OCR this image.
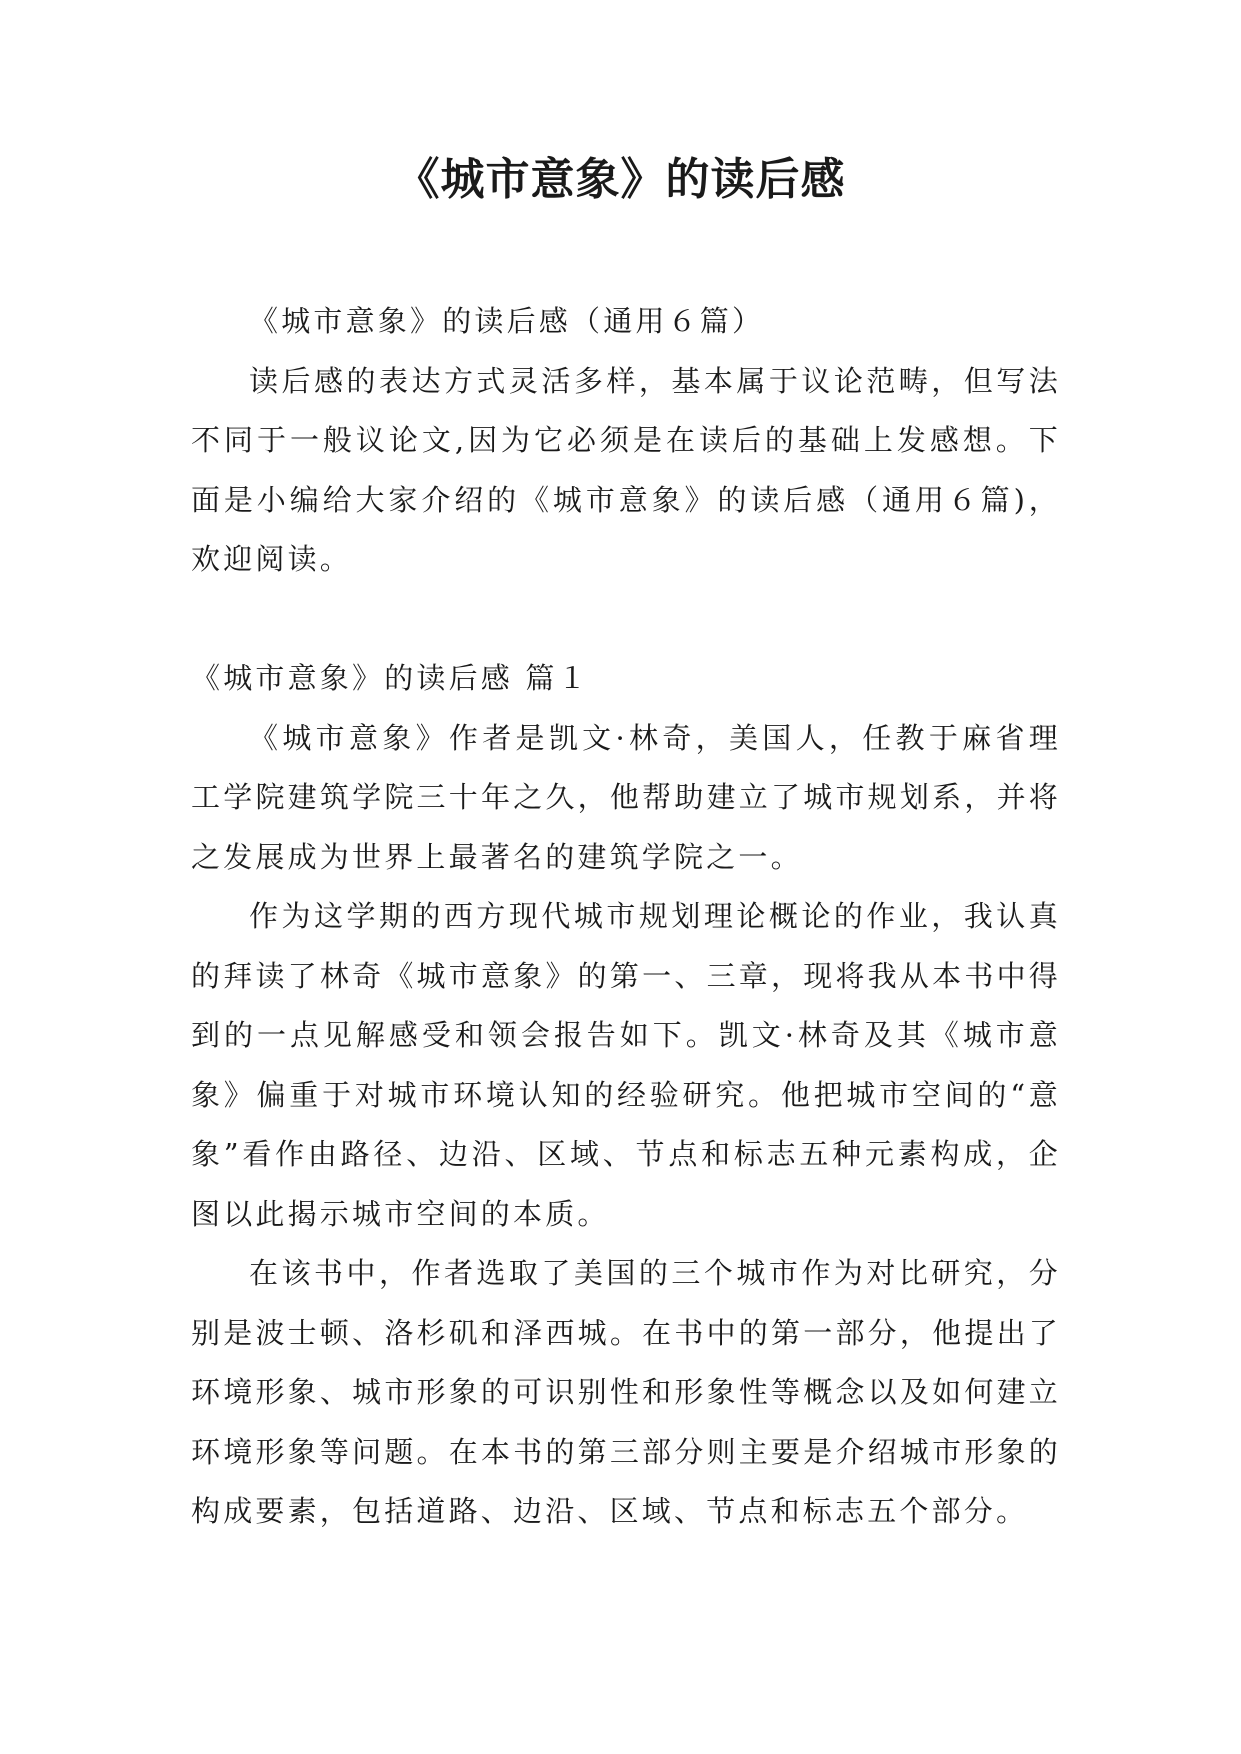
《城市意象》的读后感

《城市意象》的读后感（通用６篇）

读后感的表达方式灵活多样，基本属于议论范畴，但写法不同于一般议论文,因为它必须是在读后的基础上发感想。下面是小编给大家介绍的《城市意象》的读后感（通用６篇)，欢迎阅读。

《城市意象》的读后感 篇１

《城市意象》作者是凯文·林奇，美国人，任教于麻省理工学院建筑学院三十年之久，他帮助建立了城市规划系，并将之发展成为世界上最著名的建筑学院之一。

作为这学期的西方现代城市规划理论概论的作业，我认真的拜读了林奇《城市意象》的第一、三章，现将我从本书中得到的一点见解感受和领会报告如下。凯文·林奇及其《城市意象》偏重于对城市环境认知的经验研究。他把城市空间的“意象”看作由路径、边沿、区域、节点和标志五种元素构成，企图以此揭示城市空间的本质。

在该书中，作者选取了美国的三个城市作为对比研究，分别是波士顿、洛杉矶和泽西城。在书中的第一部分，他提出了环境形象、城市形象的可识别性和形象性等概念以及如何建立环境形象等问题。在本书的第三部分则主要是介绍城市形象的构成要素，包括道路、边沿、区域、节点和标志五个部分。
